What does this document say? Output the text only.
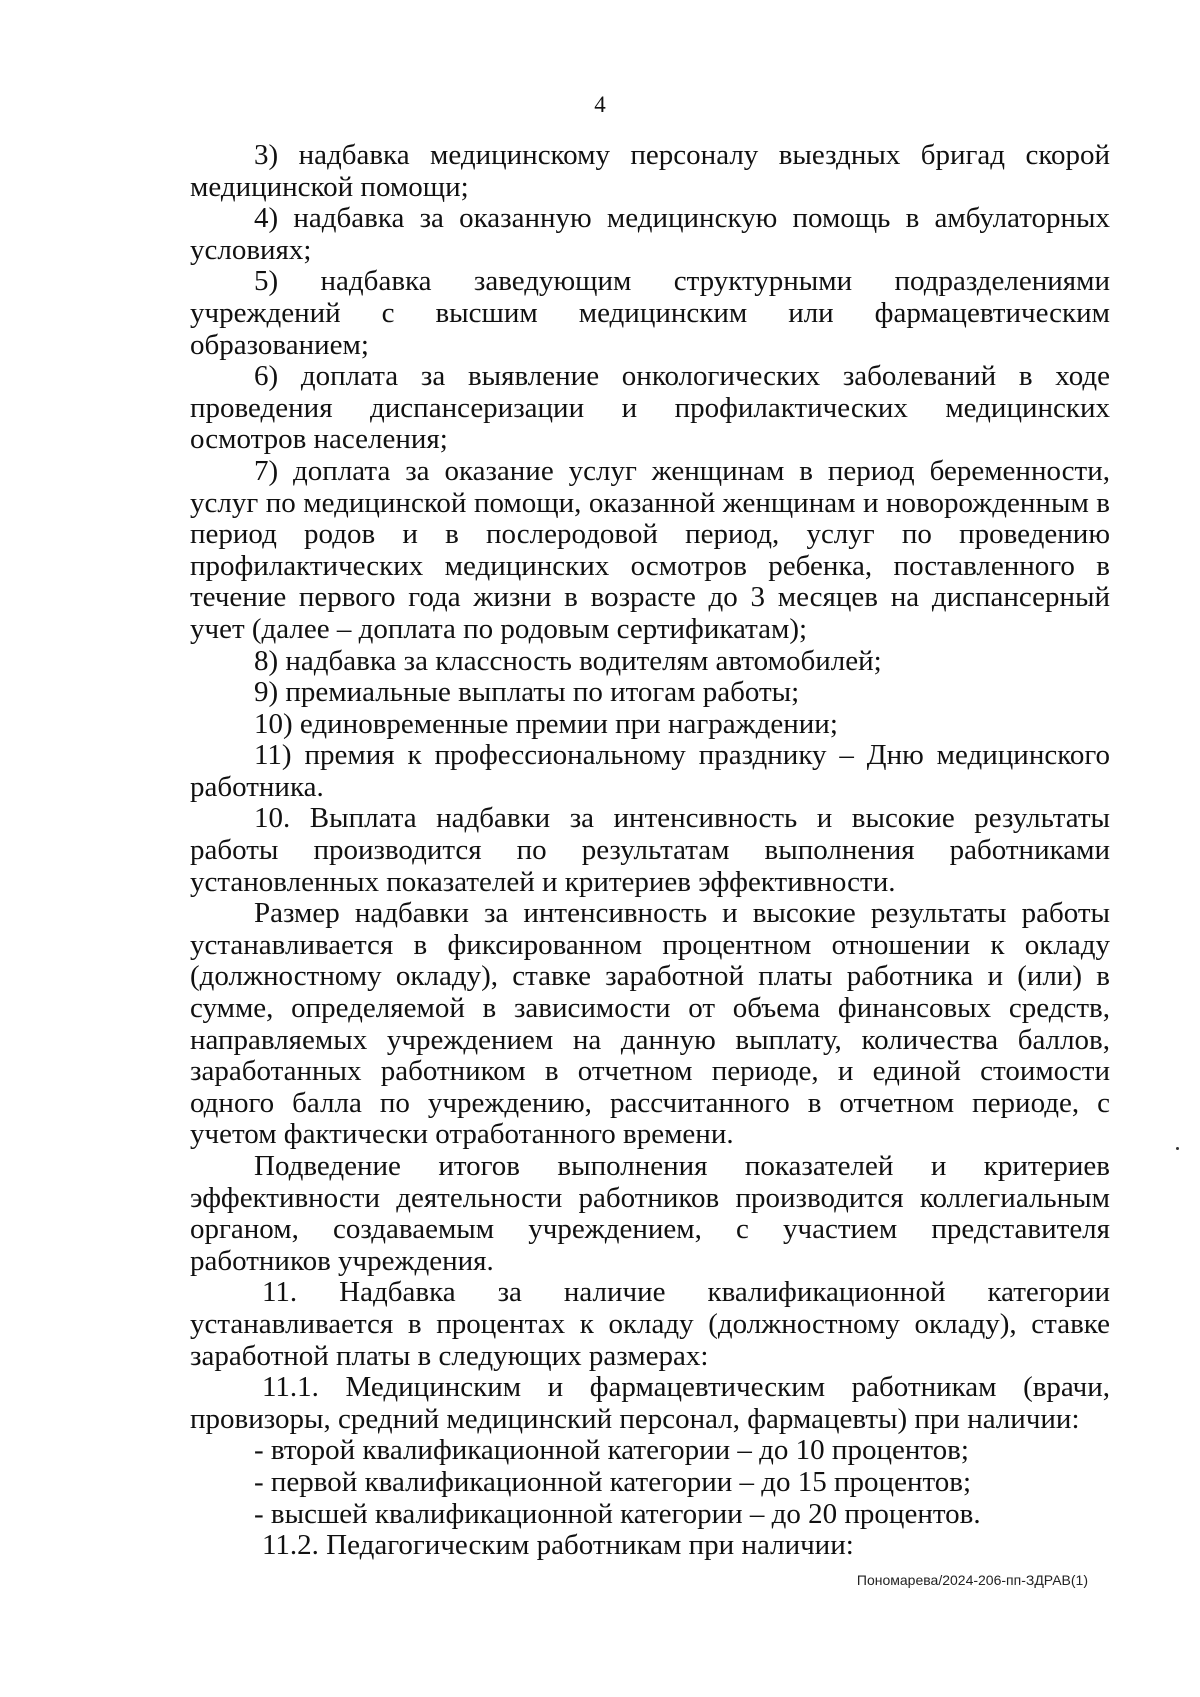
4

3) надбавка медицинскому персоналу выездных бригад скорой медицинской помощи;

4) надбавка за оказанную медицинскую помощь в амбулаторных условиях;

5) надбавка заведующим структурными подразделениями учреждений с высшим медицинским или фармацевтическим образованием;

6) доплата за выявление онкологических заболеваний в ходе проведения диспансеризации и профилактических медицинских осмотров населения;

7) доплата за оказание услуг женщинам в период беременности, услуг по медицинской помощи, оказанной женщинам и новорожденным в период родов и в послеродовой период, услуг по проведению профилактических медицинских осмотров ребенка, поставленного в течение первого года жизни в возрасте до 3 месяцев на диспансерный учет (далее – доплата по родовым сертификатам);

8) надбавка за классность водителям автомобилей;

9) премиальные выплаты по итогам работы;

10) единовременные премии при награждении;

11) премия к профессиональному празднику – Дню медицинского работника.

10. Выплата надбавки за интенсивность и высокие результаты работы производится по результатам выполнения работниками установленных показателей и критериев эффективности.

Размер надбавки за интенсивность и высокие результаты работы устанавливается в фиксированном процентном отношении к окладу (должностному окладу), ставке заработной платы работника и (или) в сумме, определяемой в зависимости от объема финансовых средств, направляемых учреждением на данную выплату, количества баллов, заработанных работником в отчетном периоде, и единой стоимости одного балла по учреждению, рассчитанного в отчетном периоде, с учетом фактически отработанного времени.

Подведение итогов выполнения показателей и критериев эффективности деятельности работников производится коллегиальным органом, создаваемым учреждением, с участием представителя работников учреждения.

11. Надбавка за наличие квалификационной категории устанавливается в процентах к окладу (должностному окладу), ставке заработной платы в следующих размерах:

11.1. Медицинским и фармацевтическим работникам (врачи, провизоры, средний медицинский персонал, фармацевты) при наличии:

- второй квалификационной категории – до 10 процентов;

- первой квалификационной категории – до 15 процентов;

- высшей квалификационной категории – до 20 процентов.

11.2. Педагогическим работникам при наличии:

Пономарева/2024-206-пп-ЗДРАВ(1)
